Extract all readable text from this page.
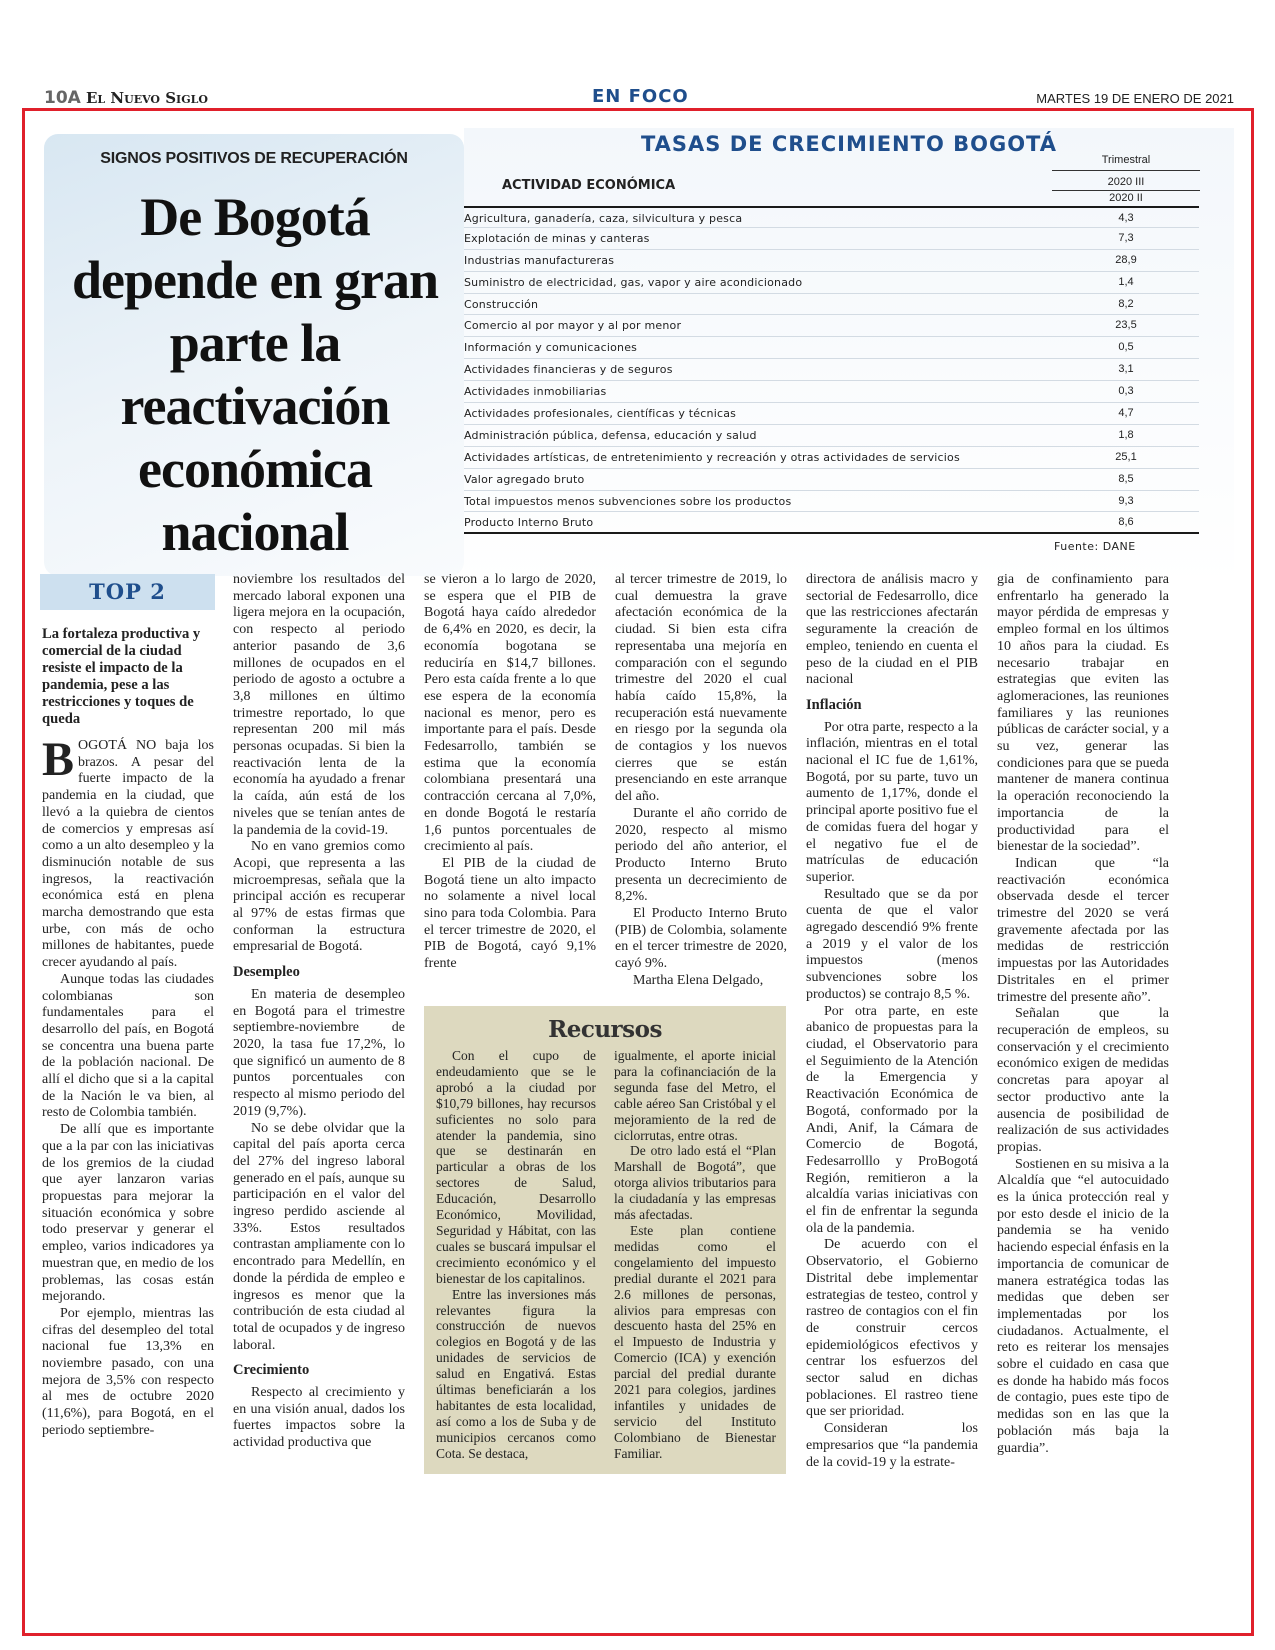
10A El Nuevo Siglo	EN FOCO	MARTES 19 DE ENERO DE 2021
SIGNOS POSITIVOS DE RECUPERACIÓN
De Bogotá depende en gran parte la reactivación económica nacional
TASAS DE CRECIMIENTO BOGOTÁ
ACTIVIDAD ECONÓMICA
Trimestral
2020 III
2020 II
Agricultura, ganadería, caza, silvicultura y pesca	4,3
Explotación de minas y canteras	7,3
Industrias manufactureras	28,9
Suministro de electricidad, gas, vapor y aire acondicionado	1,4
Construcción	8,2
Comercio al por mayor y al por menor	23,5
Información y comunicaciones	0,5
Actividades financieras y de seguros	3,1
Actividades inmobiliarias	0,3
Actividades profesionales, científicas y técnicas	4,7
Administración pública, defensa, educación y salud	1,8
Actividades artísticas, de entretenimiento y recreación y otras actividades de servicios	25,1
Valor agregado bruto	8,5
Total impuestos menos subvenciones sobre los productos	9,3
Producto Interno Bruto	8,6
Fuente: DANE
TOP 2
La fortaleza productiva y comercial de la ciudad resiste el impacto de la pandemia, pese a las restricciones y toques de queda

BOGOTÁ NO baja los brazos. A pesar del fuerte impacto de la pandemia en la ciudad, que llevó a la quiebra de cientos de comercios y empresas así como a un alto desempleo y la disminución notable de sus ingresos, la reactivación económica está en plena marcha demostrando que esta urbe, con más de ocho millones de habitantes, puede crecer ayudando al país.

Aunque todas las ciudades colombianas son fundamentales para el desarrollo del país, en Bogotá se concentra una buena parte de la población nacional. De allí el dicho que si a la capital de la Nación le va bien, al resto de Colombia también.

De allí que es importante que a la par con las iniciativas de los gremios de la ciudad que ayer lanzaron varias propuestas para mejorar la situación económica y sobre todo preservar y generar el empleo, varios indicadores ya muestran que, en medio de los problemas, las cosas están mejorando.

Por ejemplo, mientras las cifras del desempleo del total nacional fue 13,3% en noviembre pasado, con una mejora de 3,5% con respecto al mes de octubre 2020 (11,6%), para Bogotá, en el periodo septiembre-

noviembre los resultados del mercado laboral exponen una ligera mejora en la ocupación, con respecto al periodo anterior pasando de 3,6 millones de ocupados en el periodo de agosto a octubre a 3,8 millones en último trimestre reportado, lo que representan 200 mil más personas ocupadas. Si bien la reactivación lenta de la economía ha ayudado a frenar la caída, aún está de los niveles que se tenían antes de la pandemia de la covid-19.

No en vano gremios como Acopi, que representa a las microempresas, señala que la principal acción es recuperar al 97% de estas firmas que conforman la estructura empresarial de Bogotá.

Desempleo

En materia de desempleo en Bogotá para el trimestre septiembre-noviembre de 2020, la tasa fue 17,2%, lo que significó un aumento de 8 puntos porcentuales con respecto al mismo periodo del 2019 (9,7%).

No se debe olvidar que la capital del país aporta cerca del 27% del ingreso laboral generado en el país, aunque su participación en el valor del ingreso perdido asciende al 33%. Estos resultados contrastan ampliamente con lo encontrado para Medellín, en donde la pérdida de empleo e ingresos es menor que la contribución de esta ciudad al total de ocupados y de ingreso laboral.

Crecimiento

Respecto al crecimiento y en una visión anual, dados los fuertes impactos sobre la actividad productiva que

se vieron a lo largo de 2020, se espera que el PIB de Bogotá haya caído alrededor de 6,4% en 2020, es decir, la economía bogotana se reduciría en $14,7 billones. Pero esta caída frente a lo que ese espera de la economía nacional es menor, pero es importante para el país. Desde Fedesarrollo, también se estima que la economía colombiana presentará una contracción cercana al 7,0%, en donde Bogotá le restaría 1,6 puntos porcentuales de crecimiento al país.

El PIB de la ciudad de Bogotá tiene un alto impacto no solamente a nivel local sino para toda Colombia. Para el tercer trimestre de 2020, el PIB de Bogotá, cayó 9,1% frente

al tercer trimestre de 2019, lo cual demuestra la grave afectación económica de la ciudad. Si bien esta cifra representaba una mejoría en comparación con el segundo trimestre del 2020 el cual había caído 15,8%, la recuperación está nuevamente en riesgo por la segunda ola de contagios y los nuevos cierres que se están presenciando en este arranque del año.

Durante el año corrido de 2020, respecto al mismo periodo del año anterior, el Producto Interno Bruto presenta un decrecimiento de 8,2%.

El Producto Interno Bruto (PIB) de Colombia, solamente en el tercer trimestre de 2020, cayó 9%.

Martha Elena Delgado,

Recursos

Con el cupo de endeudamiento que se le aprobó a la ciudad por $10,79 billones, hay recursos suficientes no solo para atender la pandemia, sino que se destinarán en particular a obras de los sectores de Salud, Educación, Desarrollo Económico, Movilidad, Seguridad y Hábitat, con las cuales se buscará impulsar el crecimiento económico y el bienestar de los capitalinos.

Entre las inversiones más relevantes figura la construcción de nuevos colegios en Bogotá y de las unidades de servicios de salud en Engativá. Estas últimas beneficiarán a los habitantes de esta localidad, así como a los de Suba y de municipios cercanos como Cota. Se destaca,

igualmente, el aporte inicial para la cofinanciación de la segunda fase del Metro, el cable aéreo San Cristóbal y el mejoramiento de la red de ciclorrutas, entre otras.

De otro lado está el “Plan Marshall de Bogotá”, que otorga alivios tributarios para la ciudadanía y las empresas más afectadas.

Este plan contiene medidas como el congelamiento del impuesto predial durante el 2021 para 2.6 millones de personas, alivios para empresas con descuento hasta del 25% en el Impuesto de Industria y Comercio (ICA) y exención parcial del predial durante 2021 para colegios, jardines infantiles y unidades de servicio del Instituto Colombiano de Bienestar Familiar.

directora de análisis macro y sectorial de Fedesarrollo, dice que las restricciones afectarán seguramente la creación de empleo, teniendo en cuenta el peso de la ciudad en el PIB nacional

Inflación

Por otra parte, respecto a la inflación, mientras en el total nacional el IC fue de 1,61%, Bogotá, por su parte, tuvo un aumento de 1,17%, donde el principal aporte positivo fue el de comidas fuera del hogar y el negativo fue el de matrículas de educación superior.

Resultado que se da por cuenta de que el valor agregado descendió 9% frente a 2019 y el valor de los impuestos (menos subvenciones sobre los productos) se contrajo 8,5 %.

Por otra parte, en este abanico de propuestas para la ciudad, el Observatorio para el Seguimiento de la Atención de la Emergencia y Reactivación Económica de Bogotá, conformado por la Andi, Anif, la Cámara de Comercio de Bogotá, Fedesarrolllo y ProBogotá Región, remitieron a la alcaldía varias iniciativas con el fin de enfrentar la segunda ola de la pandemia.

De acuerdo con el Observatorio, el Gobierno Distrital debe implementar estrategias de testeo, control y rastreo de contagios con el fin de construir cercos epidemiológicos efectivos y centrar los esfuerzos del sector salud en dichas poblaciones. El rastreo tiene que ser prioridad.

Consideran los empresarios que “la pandemia de la covid-19 y la estrate-

gia de confinamiento para enfrentarlo ha generado la mayor pérdida de empresas y empleo formal en los últimos 10 años para la ciudad. Es necesario trabajar en estrategias que eviten las aglomeraciones, las reuniones familiares y las reuniones públicas de carácter social, y a su vez, generar las condiciones para que se pueda mantener de manera continua la operación reconociendo la importancia de la productividad para el bienestar de la sociedad”.

Indican que “la reactivación económica observada desde el tercer trimestre del 2020 se verá gravemente afectada por las medidas de restricción impuestas por las Autoridades Distritales en el primer trimestre del presente año”.

Señalan que la recuperación de empleos, su conservación y el crecimiento económico exigen de medidas concretas para apoyar al sector productivo ante la ausencia de posibilidad de realización de sus actividades propias.

Sostienen en su misiva a la Alcaldía que “el autocuidado es la única protección real y por esto desde el inicio de la pandemia se ha venido haciendo especial énfasis en la importancia de comunicar de manera estratégica todas las medidas que deben ser implementadas por los ciudadanos. Actualmente, el reto es reiterar los mensajes sobre el cuidado en casa que es donde ha habido más focos de contagio, pues este tipo de medidas son en las que la población más baja la guardia”.
